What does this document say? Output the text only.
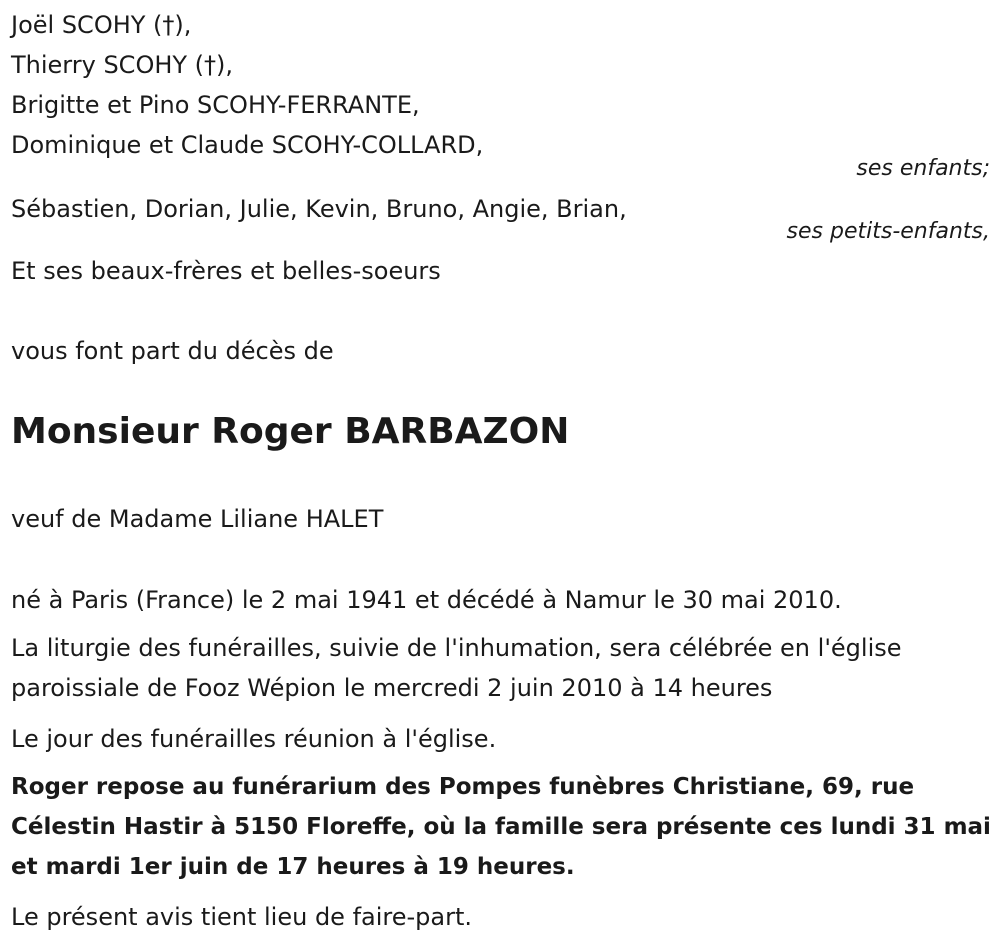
Joël SCOHY (†),
Thierry SCOHY (†),
Brigitte et Pino SCOHY-FERRANTE,
Dominique et Claude SCOHY-COLLARD,
ses enfants;
Sébastien, Dorian, Julie, Kevin, Bruno, Angie, Brian,
ses petits-enfants,
Et ses beaux-frères et belles-soeurs
vous font part du décès de
Monsieur Roger BARBAZON
veuf de Madame Liliane HALET
né à Paris (France) le 2 mai 1941 et décédé à Namur le 30 mai 2010.
La liturgie des funérailles, suivie de l'inhumation, sera célébrée en l'église paroissiale de Fooz Wépion le mercredi 2 juin 2010 à 14 heures
Le jour des funérailles réunion à l'église.
Roger repose au funérarium des Pompes funèbres Christiane, 69, rue Célestin Hastir à 5150 Floreffe, où la famille sera présente ces lundi 31 mai et mardi 1er juin de 17 heures à 19 heures.
Le présent avis tient lieu de faire-part.
